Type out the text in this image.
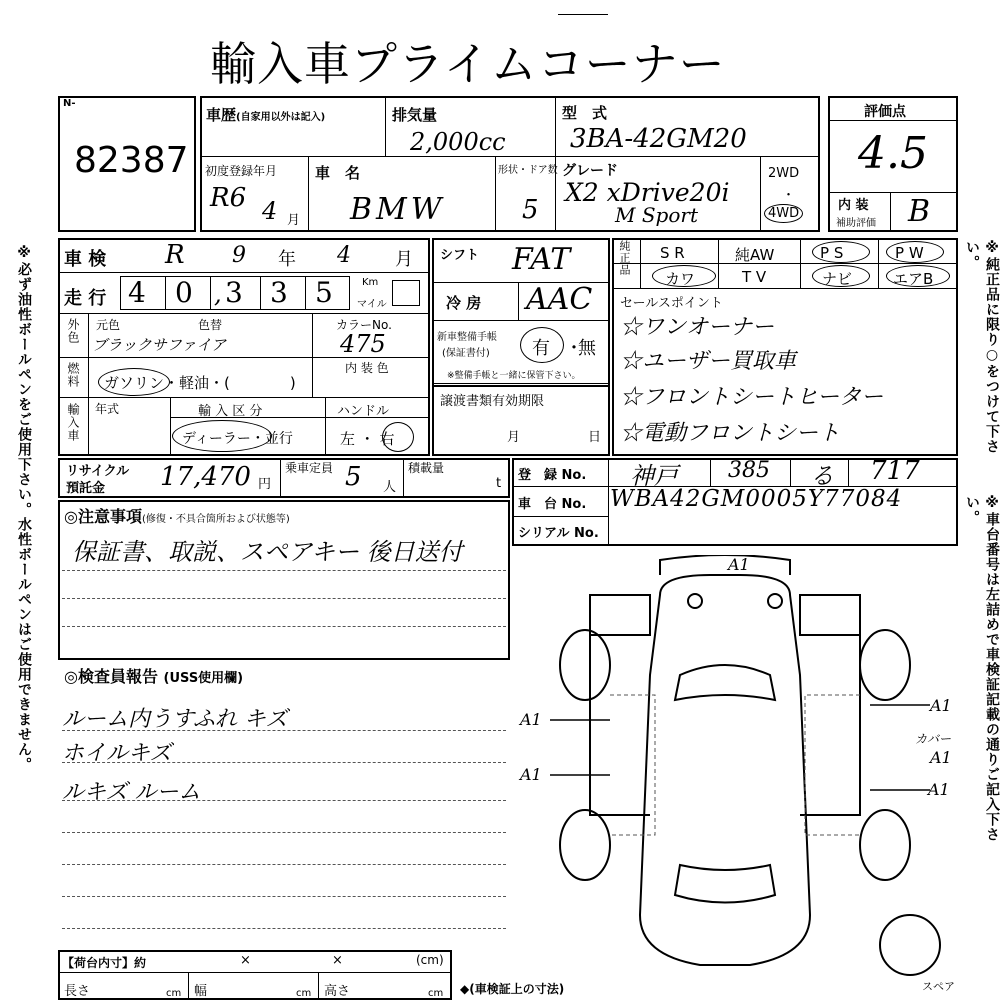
輸入車プライムコーナー
※必ず油性ボールペンをご使用下さい。水性ボールペンはご使用できません。	※純正品に限り○をつけて下さい。
※車台番号は左詰めで車検証記載の通りご記入下さい。
N-
82387
車歴(自家用以外は記入)	排気量
2,000cc
型　式
3BA-42GM20
初度登録年月
R6 4 月
車　名
BMW
形状・ドア数
5
グレード
X2 xDrive20i
M Sport
2WD
・
4WD
評価点
4.5
内 装
補助評価 B
車 検 R 9 年 4 月
走 行 4 0 , 3 3 5	Km
マイル
外色 元色	色替
ブラックサファイア
カラーNo.
475
燃料 ガソリン・軽油・(　　　　)
内 装 色
輸入車 年式	輸 入 区 分
ディーラー・並行
ハンドル
左 ・ 右
シフト FAT
冷 房 AAC
新車整備手帳
(保証書付) 有 ・
無
※整備手帳と一緒に保管下さい。
譲渡書類有効期限
月	日
純正品 S R	純AW	P S	P W
カワ	T V	ナビ	エアB
セールスポイント
☆ワンオーナー
☆ユーザー買取車
☆フロントシートヒーター
☆電動フロントシート
リサイクル
預託金 17,470 円
乗車定員 5 人
積載量
t
登　録 No. 神戸 385 る 717
車　台 No. WBA42GM0005Y77084
シリアル No.
◎注意事項(修復・不具合箇所および状態等)
保証書、取説、スペアキー 後日送付
◎検査員報告 (USS使用欄)
ルーム内うすふれ キズ
ホイルキズ
ルキズ ルーム
【荷台内寸】約	×	×	(cm)
長さ	cm 幅	cm 高さ	cm ◆(車検証上の寸法)
A1
A1
A1
A1
カバー
A1
A1
スペア
